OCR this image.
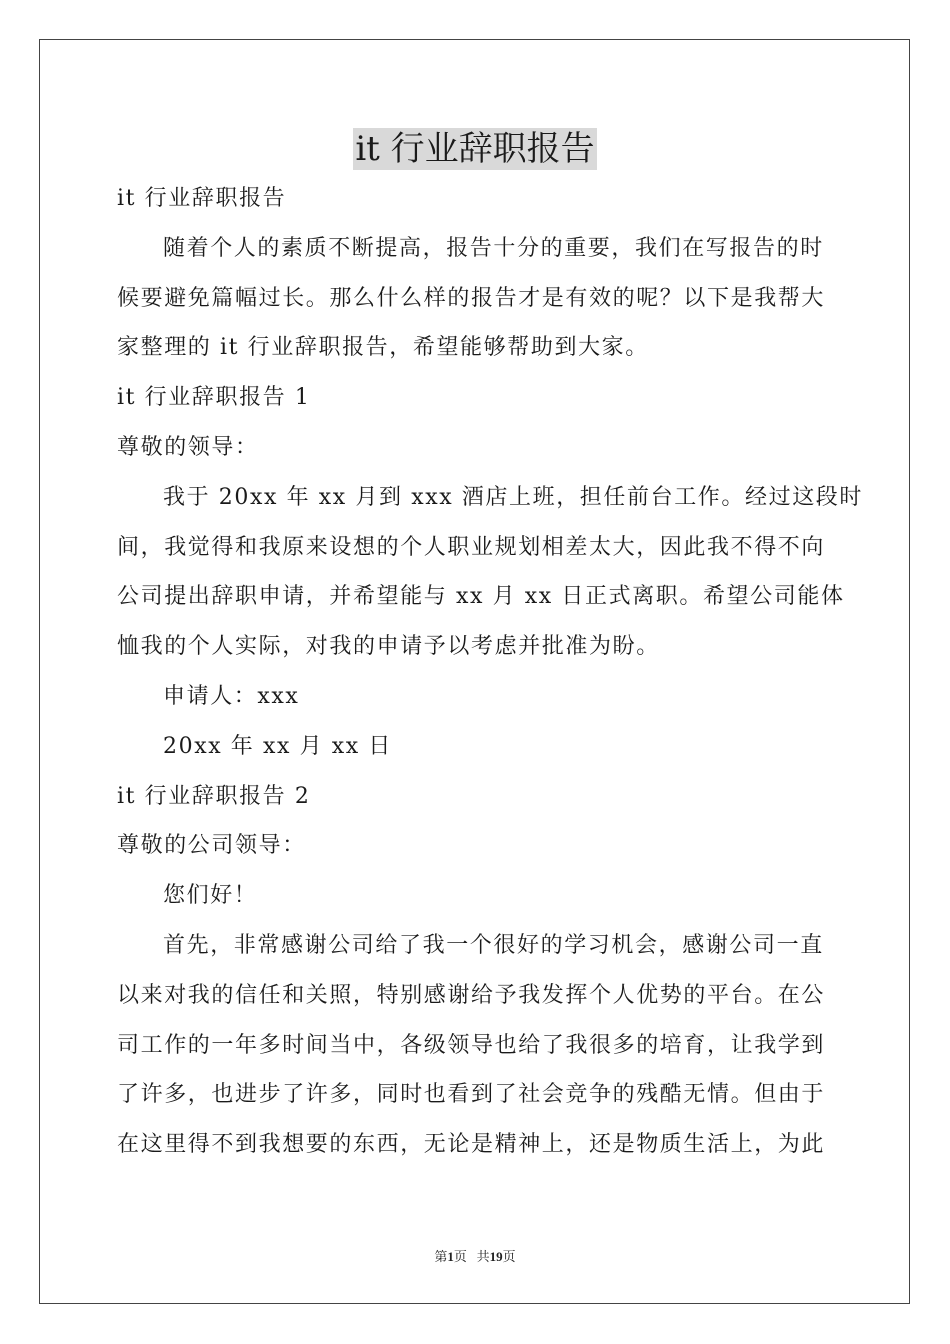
it 行业辞职报告
it 行业辞职报告
随着个人的素质不断提高，报告十分的重要，我们在写报告的时
候要避免篇幅过长。那么什么样的报告才是有效的呢？以下是我帮大
家整理的 it 行业辞职报告，希望能够帮助到大家。
it 行业辞职报告 1
尊敬的领导：
我于 20xx 年 xx 月到 xxx 酒店上班，担任前台工作。经过这段时
间，我觉得和我原来设想的个人职业规划相差太大，因此我不得不向
公司提出辞职申请，并希望能与 xx 月 xx 日正式离职。希望公司能体
恤我的个人实际，对我的申请予以考虑并批准为盼。
申请人：xxx
20xx 年 xx 月 xx 日
it 行业辞职报告 2
尊敬的公司领导：
您们好！
首先，非常感谢公司给了我一个很好的学习机会，感谢公司一直
以来对我的信任和关照，特别感谢给予我发挥个人优势的平台。在公
司工作的一年多时间当中，各级领导也给了我很多的培育，让我学到
了许多，也进步了许多，同时也看到了社会竞争的残酷无情。但由于
在这里得不到我想要的东西，无论是精神上，还是物质生活上，为此
第1页 共19页
